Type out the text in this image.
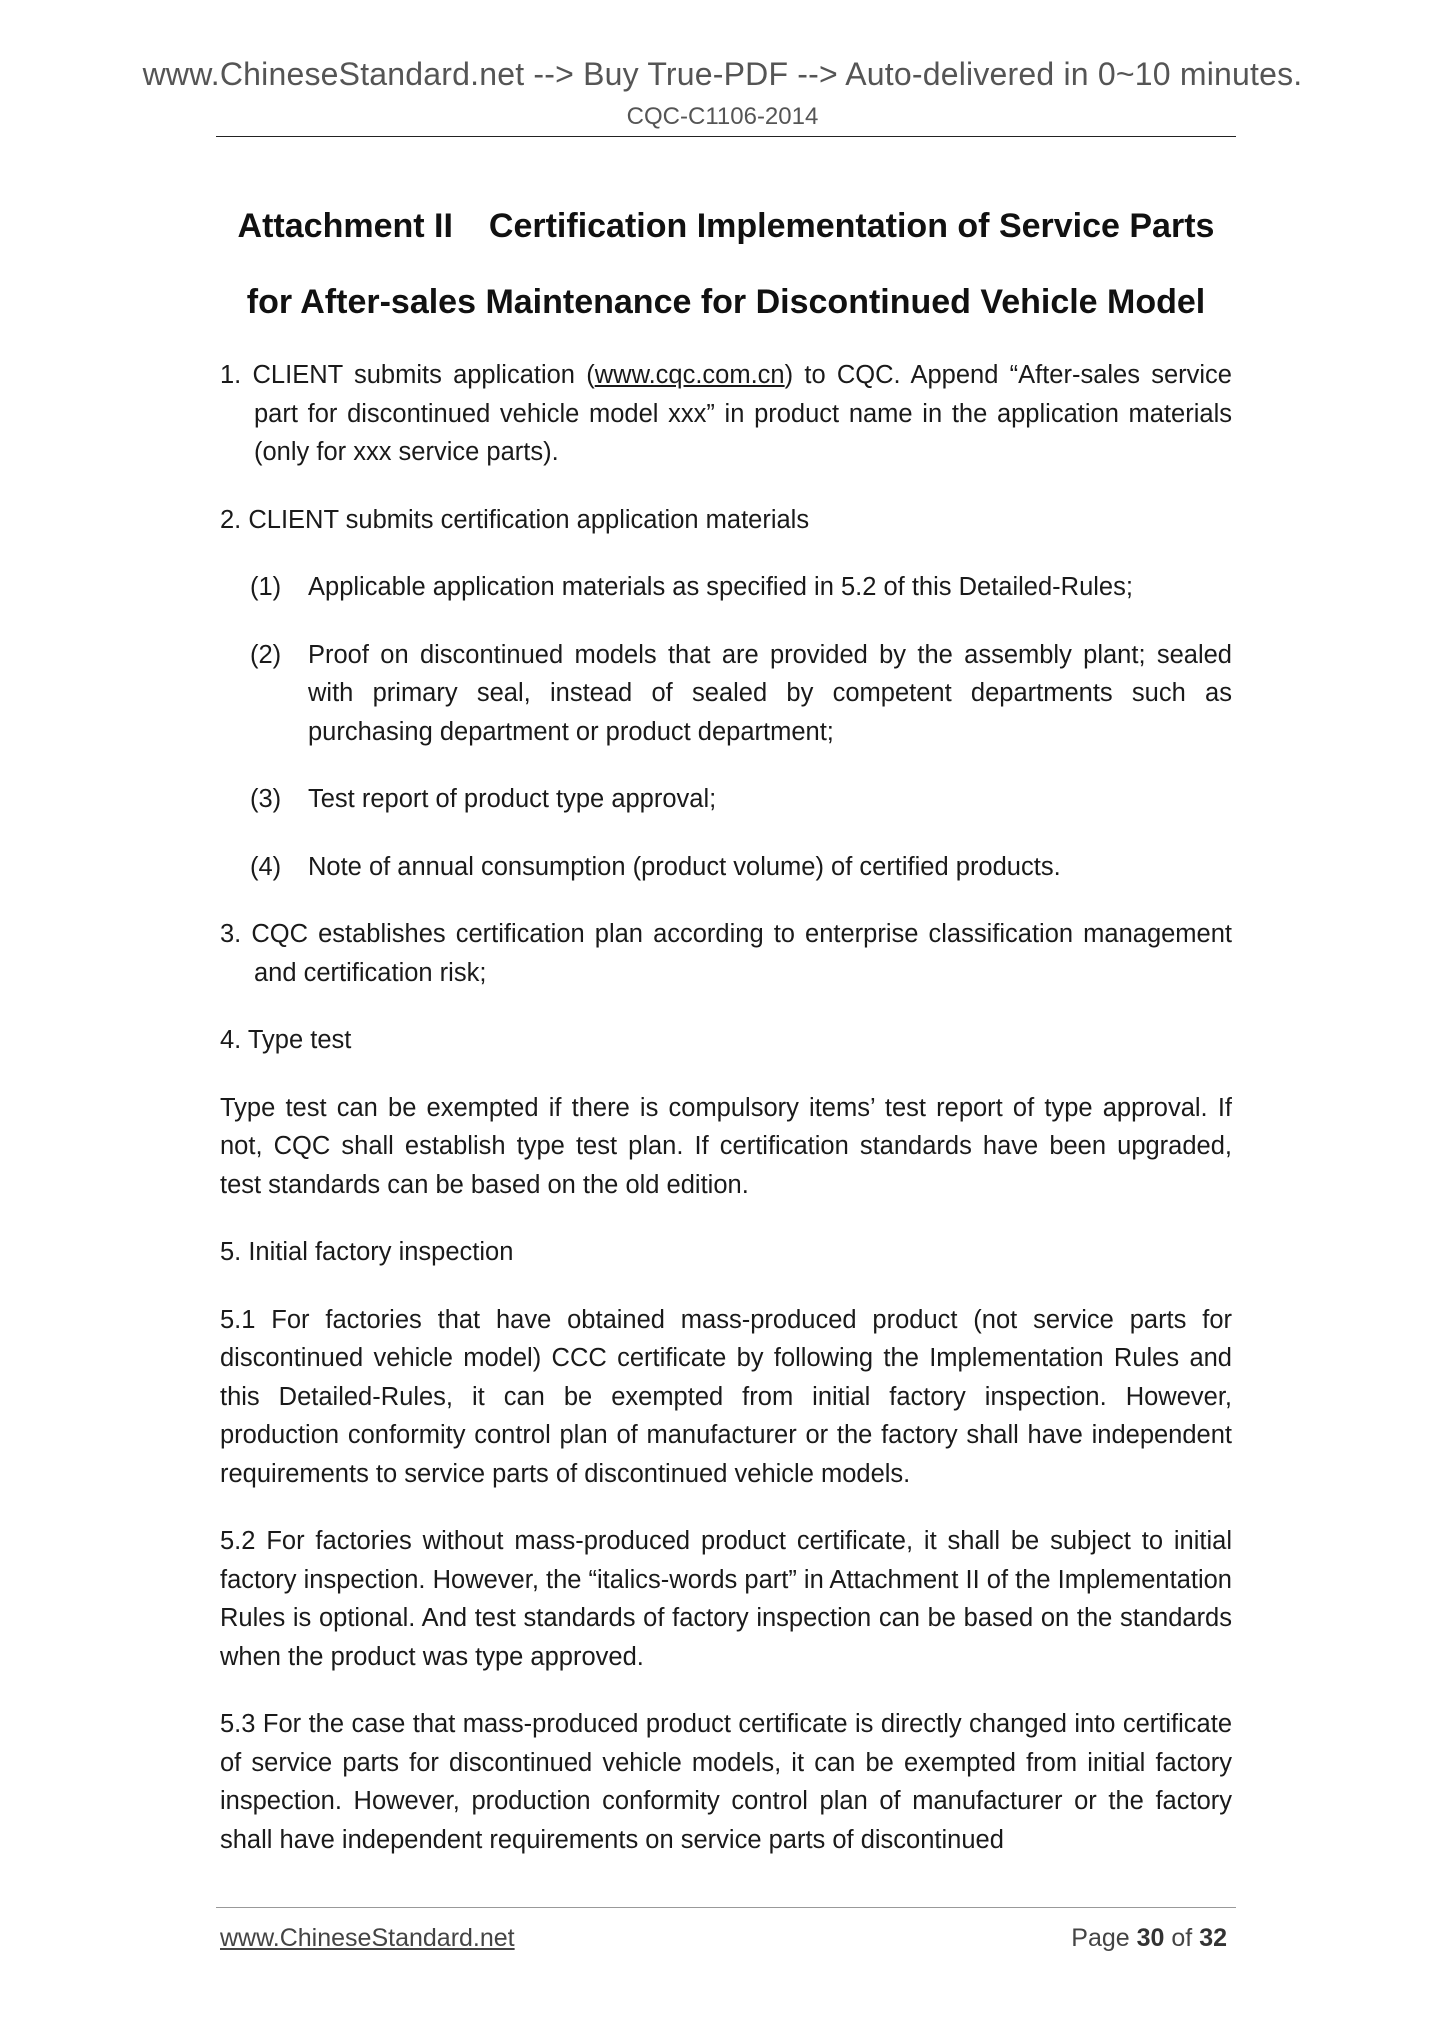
www.ChineseStandard.net --> Buy True-PDF --> Auto-delivered in 0~10 minutes.
CQC-C1106-2014
Attachment II Certification Implementation of Service Parts
for After-sales Maintenance for Discontinued Vehicle Model

1. CLIENT submits application (www.cqc.com.cn) to CQC. Append “After-sales service part for discontinued vehicle model xxx” in product name in the application materials (only for xxx service parts).

2. CLIENT submits certification application materials

(1) Applicable application materials as specified in 5.2 of this Detailed-Rules;

(2) Proof on discontinued models that are provided by the assembly plant; sealed with primary seal, instead of sealed by competent departments such as purchasing department or product department;

(3) Test report of product type approval;

(4) Note of annual consumption (product volume) of certified products.

3. CQC establishes certification plan according to enterprise classification management and certification risk;

4. Type test

Type test can be exempted if there is compulsory items’ test report of type approval. If not, CQC shall establish type test plan. If certification standards have been upgraded, test standards can be based on the old edition.

5. Initial factory inspection

5.1 For factories that have obtained mass-produced product (not service parts for discontinued vehicle model) CCC certificate by following the Implementation Rules and this Detailed-Rules, it can be exempted from initial factory inspection. However, production conformity control plan of manufacturer or the factory shall have independent requirements to service parts of discontinued vehicle models.

5.2 For factories without mass-produced product certificate, it shall be subject to initial factory inspection. However, the “italics-words part” in Attachment II of the Implementation Rules is optional. And test standards of factory inspection can be based on the standards when the product was type approved.

5.3 For the case that mass-produced product certificate is directly changed into certificate of service parts for discontinued vehicle models, it can be exempted from initial factory inspection. However, production conformity control plan of manufacturer or the factory shall have independent requirements on service parts of discontinued

www.ChineseStandard.net	Page 30 of 32
